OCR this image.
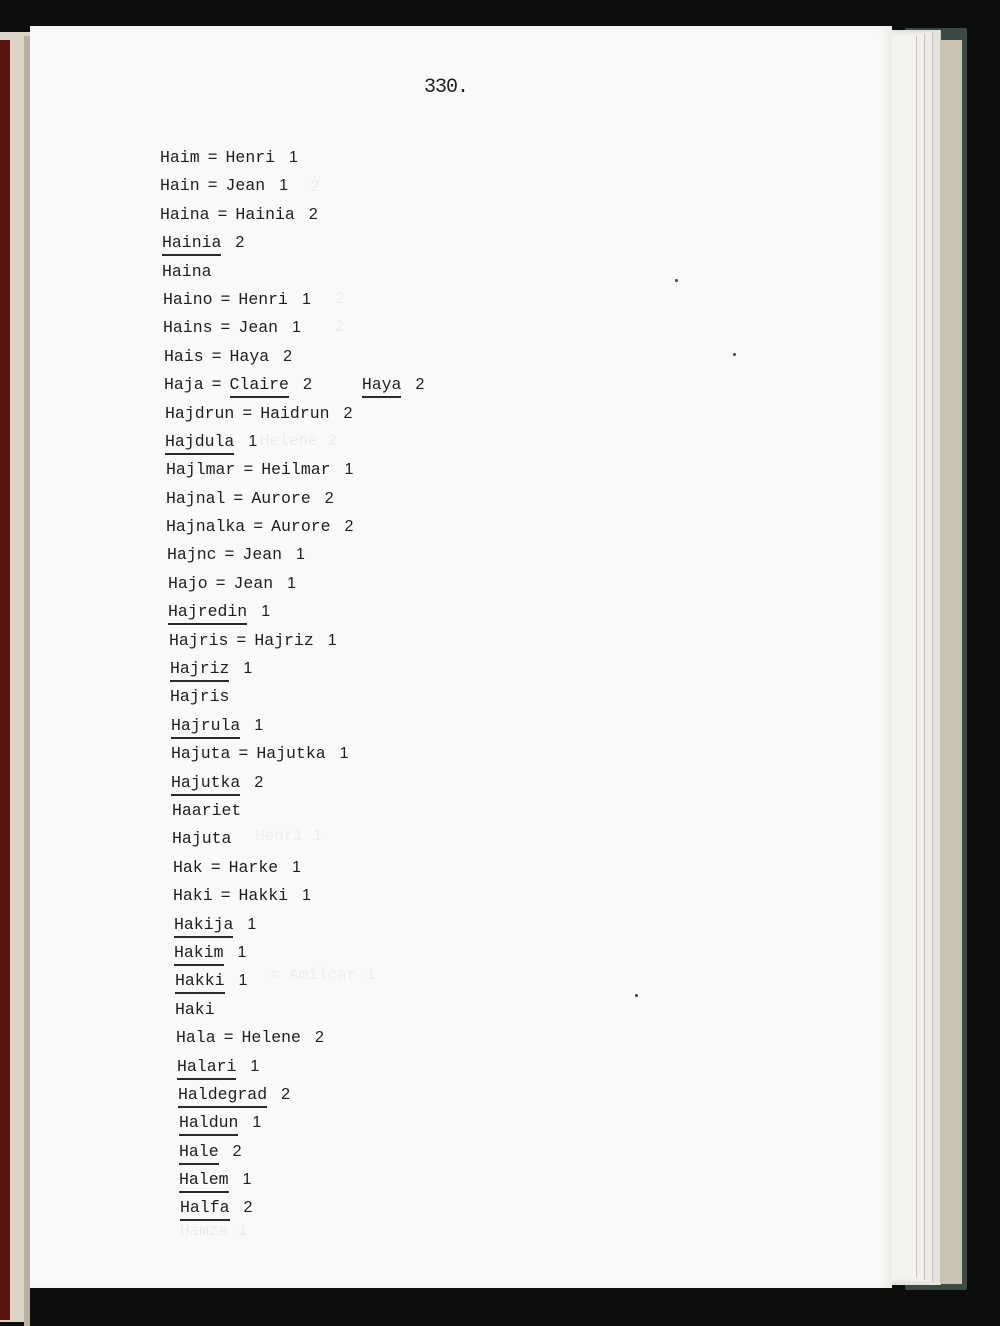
330.
Haim = Henri 1
Hain = Jean 1
Haina = Hainia 2
Hainia 2
Haina
Haino = Henri 1
Hains = Jean 1
Hais = Haya 2
Haja = Claire 2	Haya 2
Hajdrun = Haidrun 2
Hajdula 1
Hajlmar = Heilmar 1
Hajnal = Aurore 2
Hajnalka = Aurore 2
Hajnc = Jean 1
Hajo = Jean 1
Hajredin 1
Hajris = Hajriz 1
Hajriz 1
Hajris
Hajrula 1
Hajuta = Hajutka 1
Hajutka 2
Haariet
Hajuta
Hak = Harke 1
Haki = Hakki 1
Hakija 1
Hakim 1
Hakki 1
Haki
Hala = Helene 2
Halari 1
Haldegrad 2
Haldun 1
Hale 2
Halem 1
Halfa 2
2
2
2
Helene 2
Henri 1
= Amilcar 1
Hamza 1
